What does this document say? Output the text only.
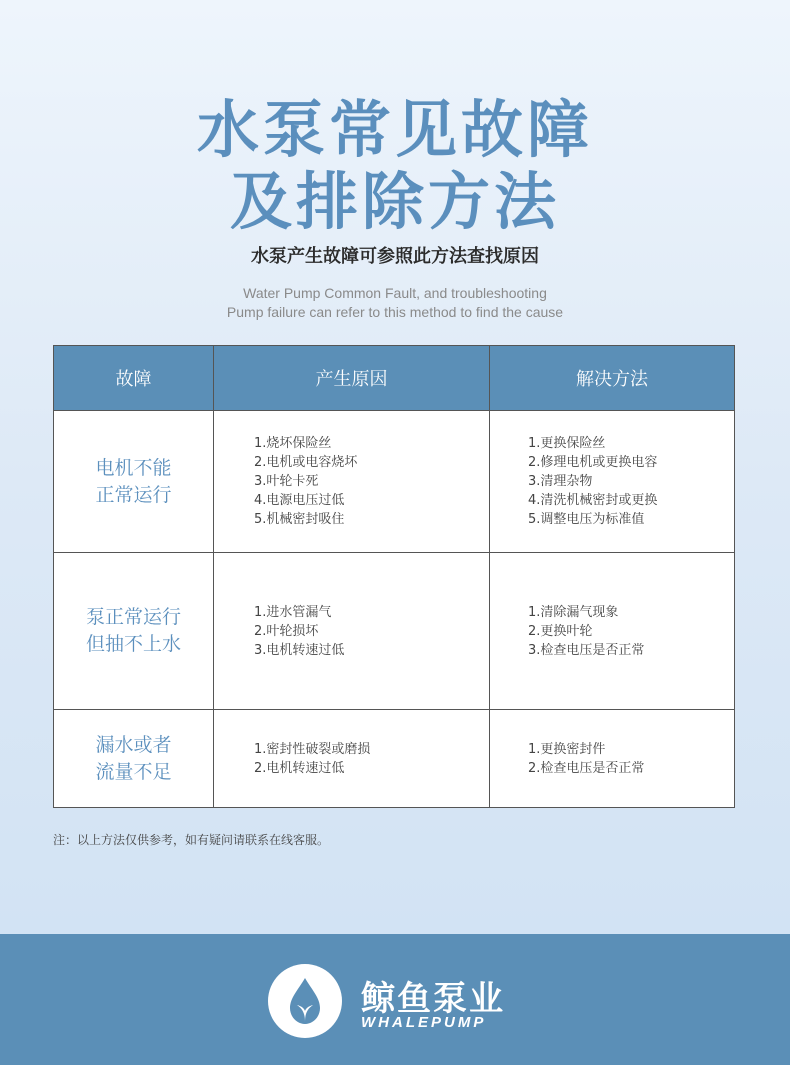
水泵常见故障
及排除方法
水泵产生故障可参照此方法查找原因
Water Pump Common Fault, and troubleshooting
Pump failure can refer to this method to find the cause
故障	产生原因	解决方法
电机不能
正常运行
1.烧坏保险丝
2.电机或电容烧坏
3.叶轮卡死
4.电源电压过低
5.机械密封吸住
1.更换保险丝
2.修理电机或更换电容
3.清理杂物
4.清洗机械密封或更换
5.调整电压为标准值
泵正常运行
但抽不上水
1.进水管漏气
2.叶轮损坏
3.电机转速过低
1.清除漏气现象
2.更换叶轮
3.检查电压是否正常
漏水或者
流量不足
1.密封性破裂或磨损
2.电机转速过低
1.更换密封件
2.检查电压是否正常
注：以上方法仅供参考，如有疑问请联系在线客服。
鲸鱼泵业
WHALEPUMP
